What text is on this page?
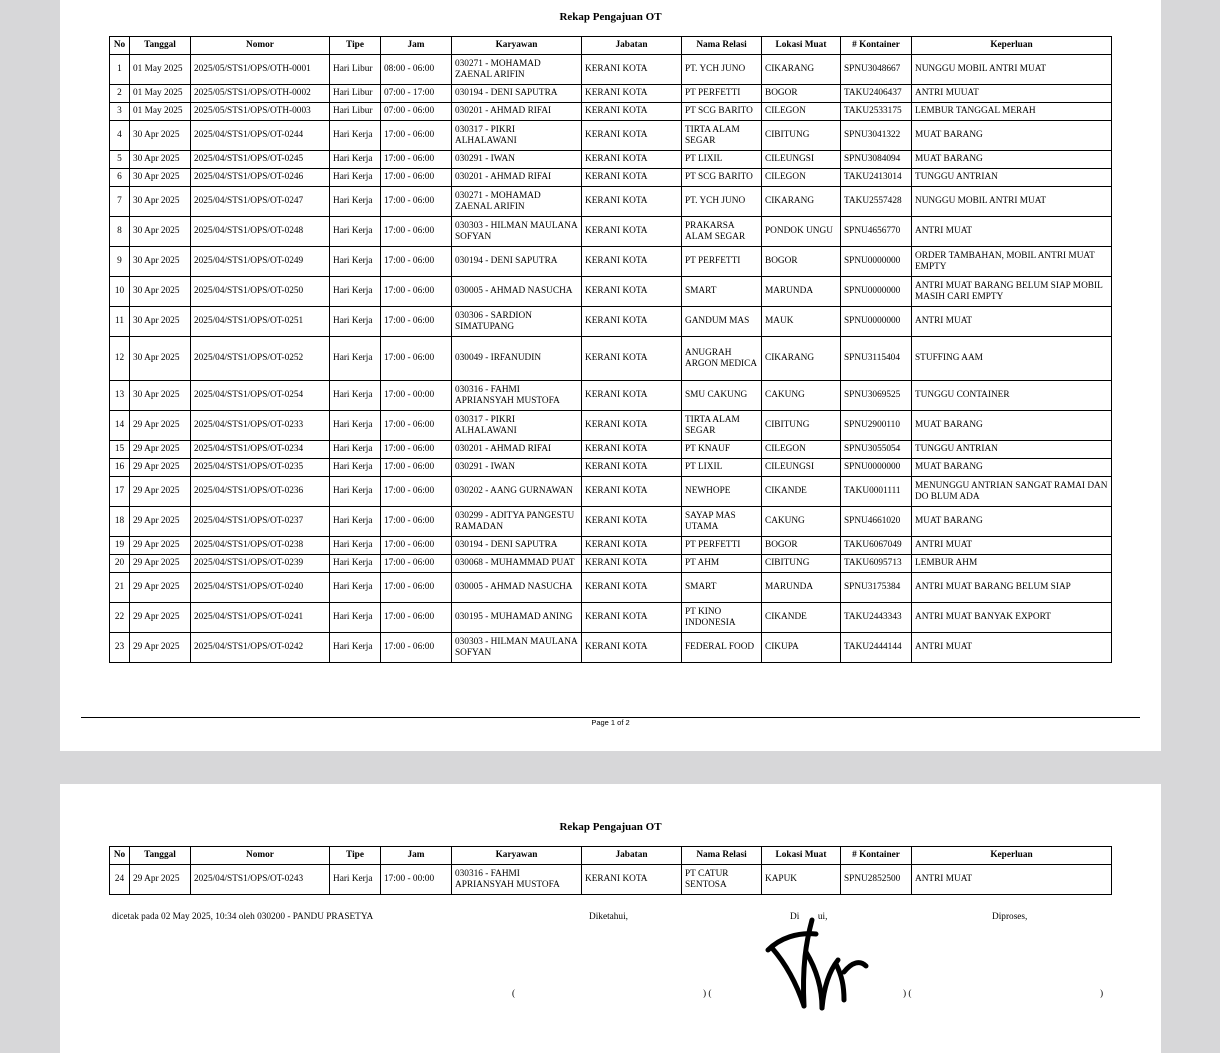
Rekap Pengajuan OT
No	Tanggal	Nomor	Tipe	Jam	Karyawan	Jabatan	Nama Relasi	Lokasi Muat	# Kontainer	Keperluan
1	01 May 2025	2025/05/STS1/OPS/OTH-0001	Hari Libur	08:00 - 06:00	030271 - MOHAMAD ZAENAL ARIFIN	KERANI KOTA	PT. YCH JUNO	CIKARANG	SPNU3048667	NUNGGU MOBIL ANTRI MUAT
2	01 May 2025	2025/05/STS1/OPS/OTH-0002	Hari Libur	07:00 - 17:00	030194 - DENI SAPUTRA	KERANI KOTA	PT PERFETTI	BOGOR	TAKU2406437	ANTRI MUUAT
3	01 May 2025	2025/05/STS1/OPS/OTH-0003	Hari Libur	07:00 - 06:00	030201 - AHMAD RIFAI	KERANI KOTA	PT SCG BARITO	CILEGON	TAKU2533175	LEMBUR TANGGAL MERAH
4	30 Apr 2025	2025/04/STS1/OPS/OT-0244	Hari Kerja	17:00 - 06:00	030317 - PIKRI ALHALAWANI	KERANI KOTA	TIRTA ALAM SEGAR	CIBITUNG	SPNU3041322	MUAT BARANG
5	30 Apr 2025	2025/04/STS1/OPS/OT-0245	Hari Kerja	17:00 - 06:00	030291 - IWAN	KERANI KOTA	PT LIXIL	CILEUNGSI	SPNU3084094	MUAT BARANG
6	30 Apr 2025	2025/04/STS1/OPS/OT-0246	Hari Kerja	17:00 - 06:00	030201 - AHMAD RIFAI	KERANI KOTA	PT SCG BARITO	CILEGON	TAKU2413014	TUNGGU ANTRIAN
7	30 Apr 2025	2025/04/STS1/OPS/OT-0247	Hari Kerja	17:00 - 06:00	030271 - MOHAMAD ZAENAL ARIFIN	KERANI KOTA	PT. YCH JUNO	CIKARANG	TAKU2557428	NUNGGU MOBIL ANTRI MUAT
8	30 Apr 2025	2025/04/STS1/OPS/OT-0248	Hari Kerja	17:00 - 06:00	030303 - HILMAN MAULANA SOFYAN	KERANI KOTA	PRAKARSA ALAM SEGAR	PONDOK UNGU	SPNU4656770	ANTRI MUAT
9	30 Apr 2025	2025/04/STS1/OPS/OT-0249	Hari Kerja	17:00 - 06:00	030194 - DENI SAPUTRA	KERANI KOTA	PT PERFETTI	BOGOR	SPNU0000000	ORDER TAMBAHAN, MOBIL ANTRI MUAT EMPTY
10	30 Apr 2025	2025/04/STS1/OPS/OT-0250	Hari Kerja	17:00 - 06:00	030005 - AHMAD NASUCHA	KERANI KOTA	SMART	MARUNDA	SPNU0000000	ANTRI MUAT BARANG BELUM SIAP MOBIL MASIH CARI EMPTY
11	30 Apr 2025	2025/04/STS1/OPS/OT-0251	Hari Kerja	17:00 - 06:00	030306 - SARDION SIMATUPANG	KERANI KOTA	GANDUM MAS	MAUK	SPNU0000000	ANTRI MUAT
12	30 Apr 2025	2025/04/STS1/OPS/OT-0252	Hari Kerja	17:00 - 06:00	030049 - IRFANUDIN	KERANI KOTA	ANUGRAH ARGON MEDICA	CIKARANG	SPNU3115404	STUFFING AAM
13	30 Apr 2025	2025/04/STS1/OPS/OT-0254	Hari Kerja	17:00 - 00:00	030316 - FAHMI APRIANSYAH MUSTOFA	KERANI KOTA	SMU CAKUNG	CAKUNG	SPNU3069525	TUNGGU CONTAINER
14	29 Apr 2025	2025/04/STS1/OPS/OT-0233	Hari Kerja	17:00 - 06:00	030317 - PIKRI ALHALAWANI	KERANI KOTA	TIRTA ALAM SEGAR	CIBITUNG	SPNU2900110	MUAT BARANG
15	29 Apr 2025	2025/04/STS1/OPS/OT-0234	Hari Kerja	17:00 - 06:00	030201 - AHMAD RIFAI	KERANI KOTA	PT KNAUF	CILEGON	SPNU3055054	TUNGGU ANTRIAN
16	29 Apr 2025	2025/04/STS1/OPS/OT-0235	Hari Kerja	17:00 - 06:00	030291 - IWAN	KERANI KOTA	PT LIXIL	CILEUNGSI	SPNU0000000	MUAT BARANG
17	29 Apr 2025	2025/04/STS1/OPS/OT-0236	Hari Kerja	17:00 - 06:00	030202 - AANG GURNAWAN	KERANI KOTA	NEWHOPE	CIKANDE	TAKU0001111	MENUNGGU ANTRIAN SANGAT RAMAI DAN DO BLUM ADA
18	29 Apr 2025	2025/04/STS1/OPS/OT-0237	Hari Kerja	17:00 - 06:00	030299 - ADITYA PANGESTU RAMADAN	KERANI KOTA	SAYAP MAS UTAMA	CAKUNG	SPNU4661020	MUAT BARANG
19	29 Apr 2025	2025/04/STS1/OPS/OT-0238	Hari Kerja	17:00 - 06:00	030194 - DENI SAPUTRA	KERANI KOTA	PT PERFETTI	BOGOR	TAKU6067049	ANTRI MUAT
20	29 Apr 2025	2025/04/STS1/OPS/OT-0239	Hari Kerja	17:00 - 06:00	030068 - MUHAMMAD PUAT	KERANI KOTA	PT AHM	CIBITUNG	TAKU6095713	LEMBUR AHM
21	29 Apr 2025	2025/04/STS1/OPS/OT-0240	Hari Kerja	17:00 - 06:00	030005 - AHMAD NASUCHA	KERANI KOTA	SMART	MARUNDA	SPNU3175384	ANTRI MUAT BARANG BELUM SIAP
22	29 Apr 2025	2025/04/STS1/OPS/OT-0241	Hari Kerja	17:00 - 06:00	030195 - MUHAMAD ANING	KERANI KOTA	PT KINO INDONESIA	CIKANDE	TAKU2443343	ANTRI MUAT BANYAK EXPORT
23	29 Apr 2025	2025/04/STS1/OPS/OT-0242	Hari Kerja	17:00 - 06:00	030303 - HILMAN MAULANA SOFYAN	KERANI KOTA	FEDERAL FOOD	CIKUPA	TAKU2444144	ANTRI MUAT
Page 1 of 2
Rekap Pengajuan OT
No	Tanggal	Nomor	Tipe	Jam	Karyawan	Jabatan	Nama Relasi	Lokasi Muat	# Kontainer	Keperluan
24	29 Apr 2025	2025/04/STS1/OPS/OT-0243	Hari Kerja	17:00 - 00:00	030316 - FAHMI APRIANSYAH MUSTOFA	KERANI KOTA	PT CATUR SENTOSA	KAPUK	SPNU2852500	ANTRI MUAT
dicetak pada 02 May 2025, 10:34 oleh 030200 - PANDU PRASETYA	Diketahui,	Di        ui,	Diproses,
(	) (	) (	)
